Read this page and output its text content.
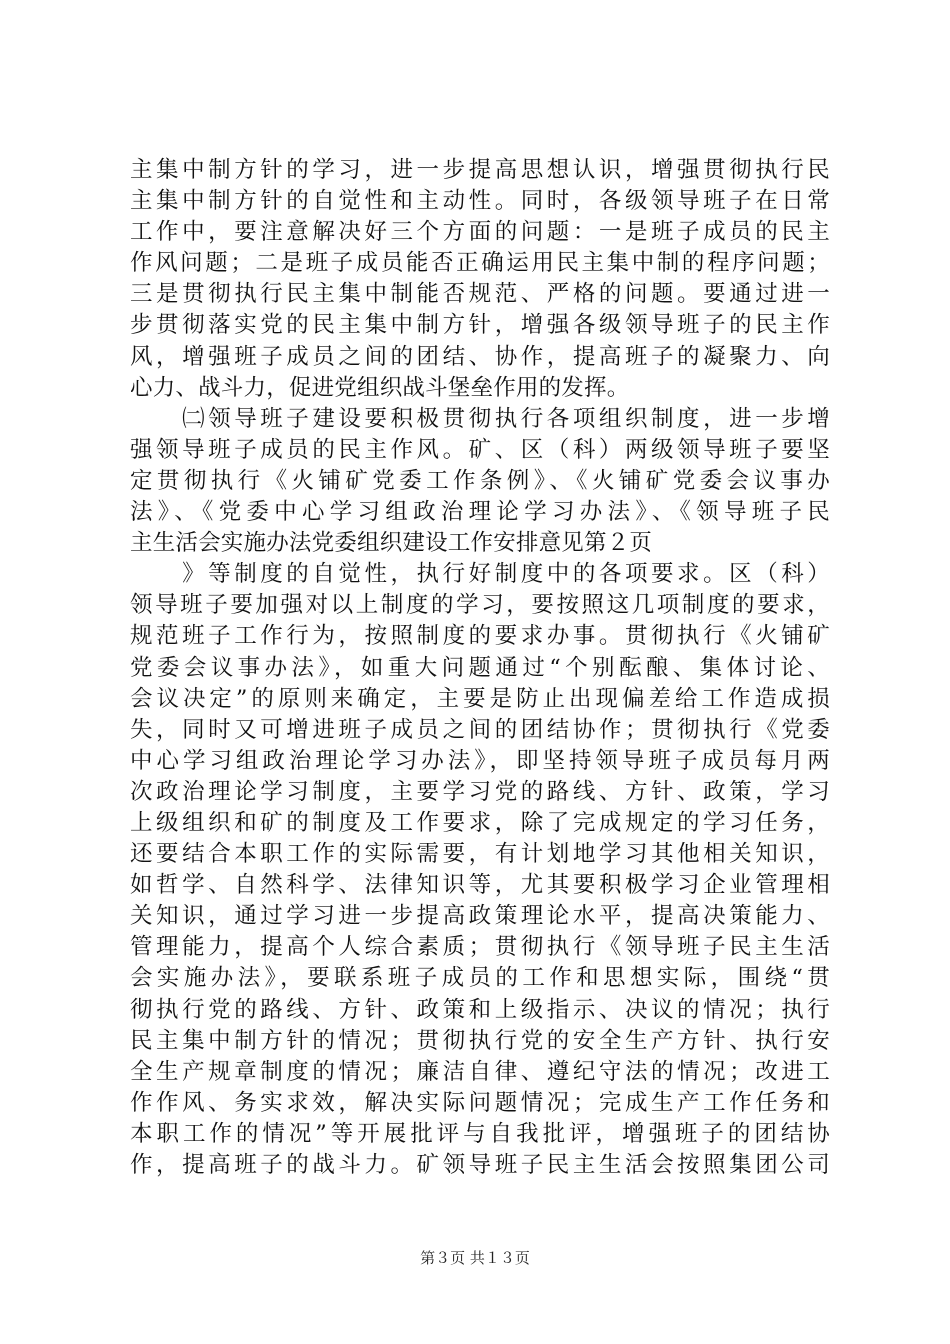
主集中制方针的学习，进一步提高思想认识，增强贯彻执行民
主集中制方针的自觉性和主动性。同时，各级领导班子在日常
工作中，要注意解决好三个方面的问题：一是班子成员的民主
作风问题；二是班子成员能否正确运用民主集中制的程序问题；
三是贯彻执行民主集中制能否规范、严格的问题。要通过进一
步贯彻落实党的民主集中制方针，增强各级领导班子的民主作
风，增强班子成员之间的团结、协作，提高班子的凝聚力、向
心力、战斗力，促进党组织战斗堡垒作用的发挥。
　　㈡领导班子建设要积极贯彻执行各项组织制度，进一步增
强领导班子成员的民主作风。矿、区（科）两级领导班子要坚
定贯彻执行《火铺矿党委工作条例》、《火铺矿党委会议事办
法》、《党委中心学习组政治理论学习办法》、《领导班子民
主生活会实施办法党委组织建设工作安排意见第２页
　　》等制度的自觉性，执行好制度中的各项要求。区（科）
领导班子要加强对以上制度的学习，要按照这几项制度的要求，
规范班子工作行为，按照制度的要求办事。贯彻执行《火铺矿
党委会议事办法》，如重大问题通过“个别酝酿、集体讨论、
会议决定”的原则来确定，主要是防止出现偏差给工作造成损
失，同时又可增进班子成员之间的团结协作；贯彻执行《党委
中心学习组政治理论学习办法》，即坚持领导班子成员每月两
次政治理论学习制度，主要学习党的路线、方针、政策，学习
上级组织和矿的制度及工作要求，除了完成规定的学习任务，
还要结合本职工作的实际需要，有计划地学习其他相关知识，
如哲学、自然科学、法律知识等，尤其要积极学习企业管理相
关知识，通过学习进一步提高政策理论水平，提高决策能力、
管理能力，提高个人综合素质；贯彻执行《领导班子民主生活
会实施办法》，要联系班子成员的工作和思想实际，围绕“贯
彻执行党的路线、方针、政策和上级指示、决议的情况；执行
民主集中制方针的情况；贯彻执行党的安全生产方针、执行安
全生产规章制度的情况；廉洁自律、遵纪守法的情况；改进工
作作风、务实求效，解决实际问题情况；完成生产工作任务和
本职工作的情况”等开展批评与自我批评，增强班子的团结协
作，提高班子的战斗力。矿领导班子民主生活会按照集团公司
第３页 共１３页
